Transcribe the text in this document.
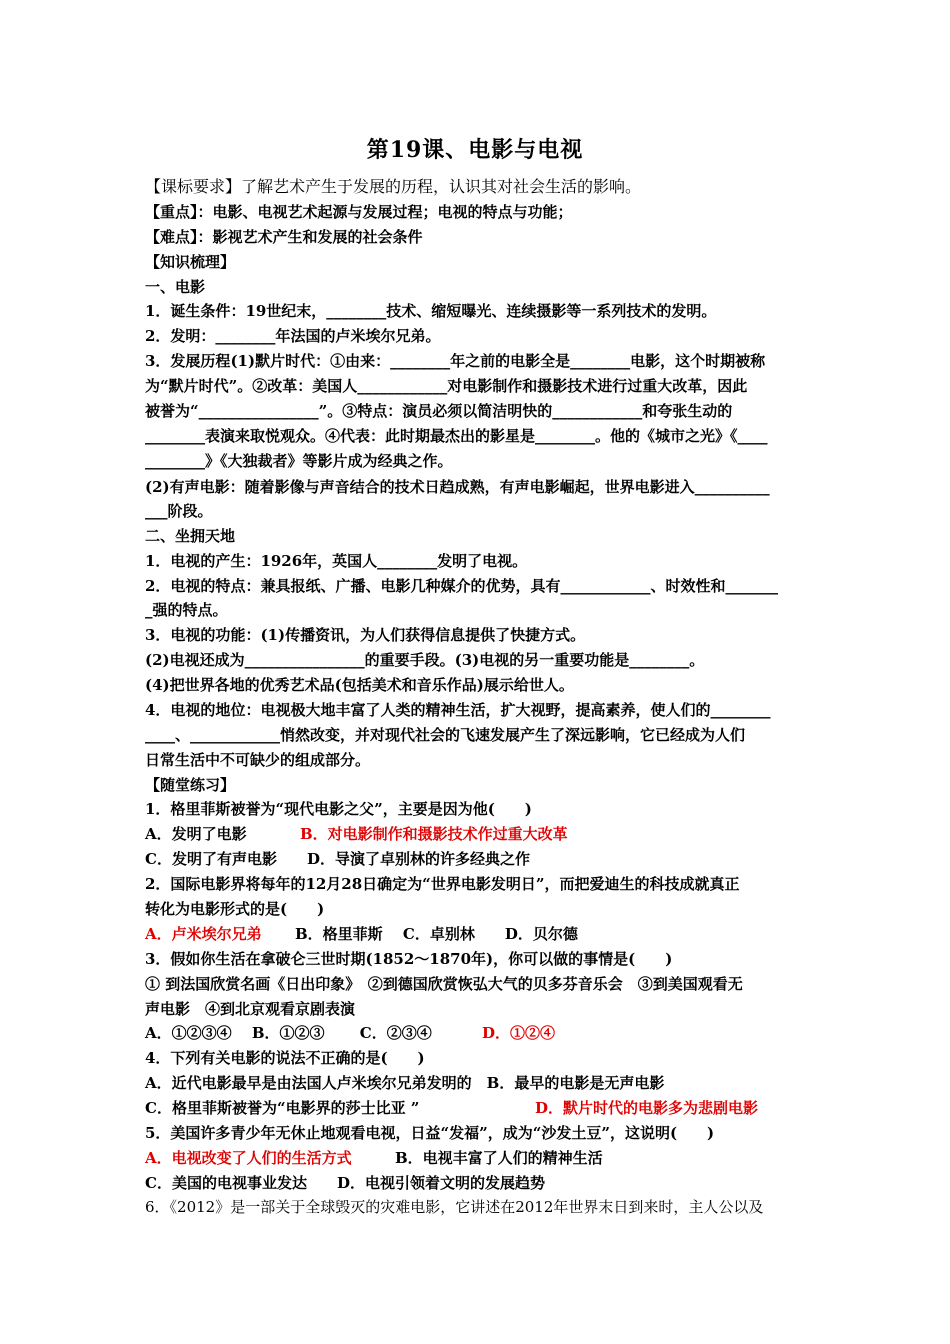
第19课、电影与电视
【课标要求】了解艺术产生于发展的历程，认识其对社会生活的影响。
【重点】：电影、电视艺术起源与发展过程；电视的特点与功能；
【难点】：影视艺术产生和发展的社会条件
【知识梳理】
一、电影
1．诞生条件：19世纪末，________技术、缩短曝光、连续摄影等一系列技术的发明。
2．发明：________年法国的卢米埃尔兄弟。
3．发展历程(1)默片时代：①由来：________年之前的电影全是________电影，这个时期被称
为“默片时代”。②改革：美国人____________对电影制作和摄影技术进行过重大改革，因此
被誉为“________________”。③特点：演员必须以简洁明快的____________和夸张生动的
________表演来取悦观众。④代表：此时期最杰出的影星是________。他的《城市之光》《____
________》《大独裁者》等影片成为经典之作。
(2)有声电影：随着影像与声音结合的技术日趋成熟，有声电影崛起，世界电影进入__________
___阶段。
二、坐拥天地
1．电视的产生：1926年，英国人________发明了电视。
2．电视的特点：兼具报纸、广播、电影几种媒介的优势，具有____________、时效性和_______
_强的特点。
3．电视的功能：(1)传播资讯，为人们获得信息提供了快捷方式。
(2)电视还成为________________的重要手段。(3)电视的另一重要功能是________。
(4)把世界各地的优秀艺术品(包括美术和音乐作品)展示给世人。
4．电视的地位：电视极大地丰富了人类的精神生活，扩大视野，提高素养，使人们的________
____、____________悄然改变，并对现代社会的飞速发展产生了深远影响，它已经成为人们
日常生活中不可缺少的组成部分。
【随堂练习】
1．格里菲斯被誉为“现代电影之父”，主要是因为他(　　)
A．发明了电影	B．对电影制作和摄影技术作过重大改革
C．发明了有声电影　　D．导演了卓别林的许多经典之作
2．国际电影界将每年的12月28日确定为“世界电影发明日”，而把爱迪生的科技成就真正
转化为电影形式的是(　　)
A．卢米埃尔兄弟 B．格里菲斯　 C．卓别林　　D．贝尔德
3．假如你生活在拿破仑三世时期(1852～1870年)，你可以做的事情是(　　)
① 到法国欣赏名画《日出印象》　②到德国欣赏恢弘大气的贝多芬音乐会　③到美国观看无
声电影　④到北京观看京剧表演
A．①②③④　 B．①②③　　 C．②③④	D．①②④
4．下列有关电影的说法不正确的是(　　)
A．近代电影最早是由法国人卢米埃尔兄弟发明的　B．最早的电影是无声电影
C．格里菲斯被誉为“电影界的莎士比亚 ”	D．默片时代的电影多为悲剧电影
5．美国许多青少年无休止地观看电视，日益“发福”，成为“沙发土豆”，这说明(　　)
A．电视改变了人们的生活方式	B．电视丰富了人们的精神生活
C．美国的电视事业发达　　D．电视引领着文明的发展趋势
6．《2012》是一部关于全球毁灭的灾难电影，它讲述在2012年世界末日到来时，主人公以及
